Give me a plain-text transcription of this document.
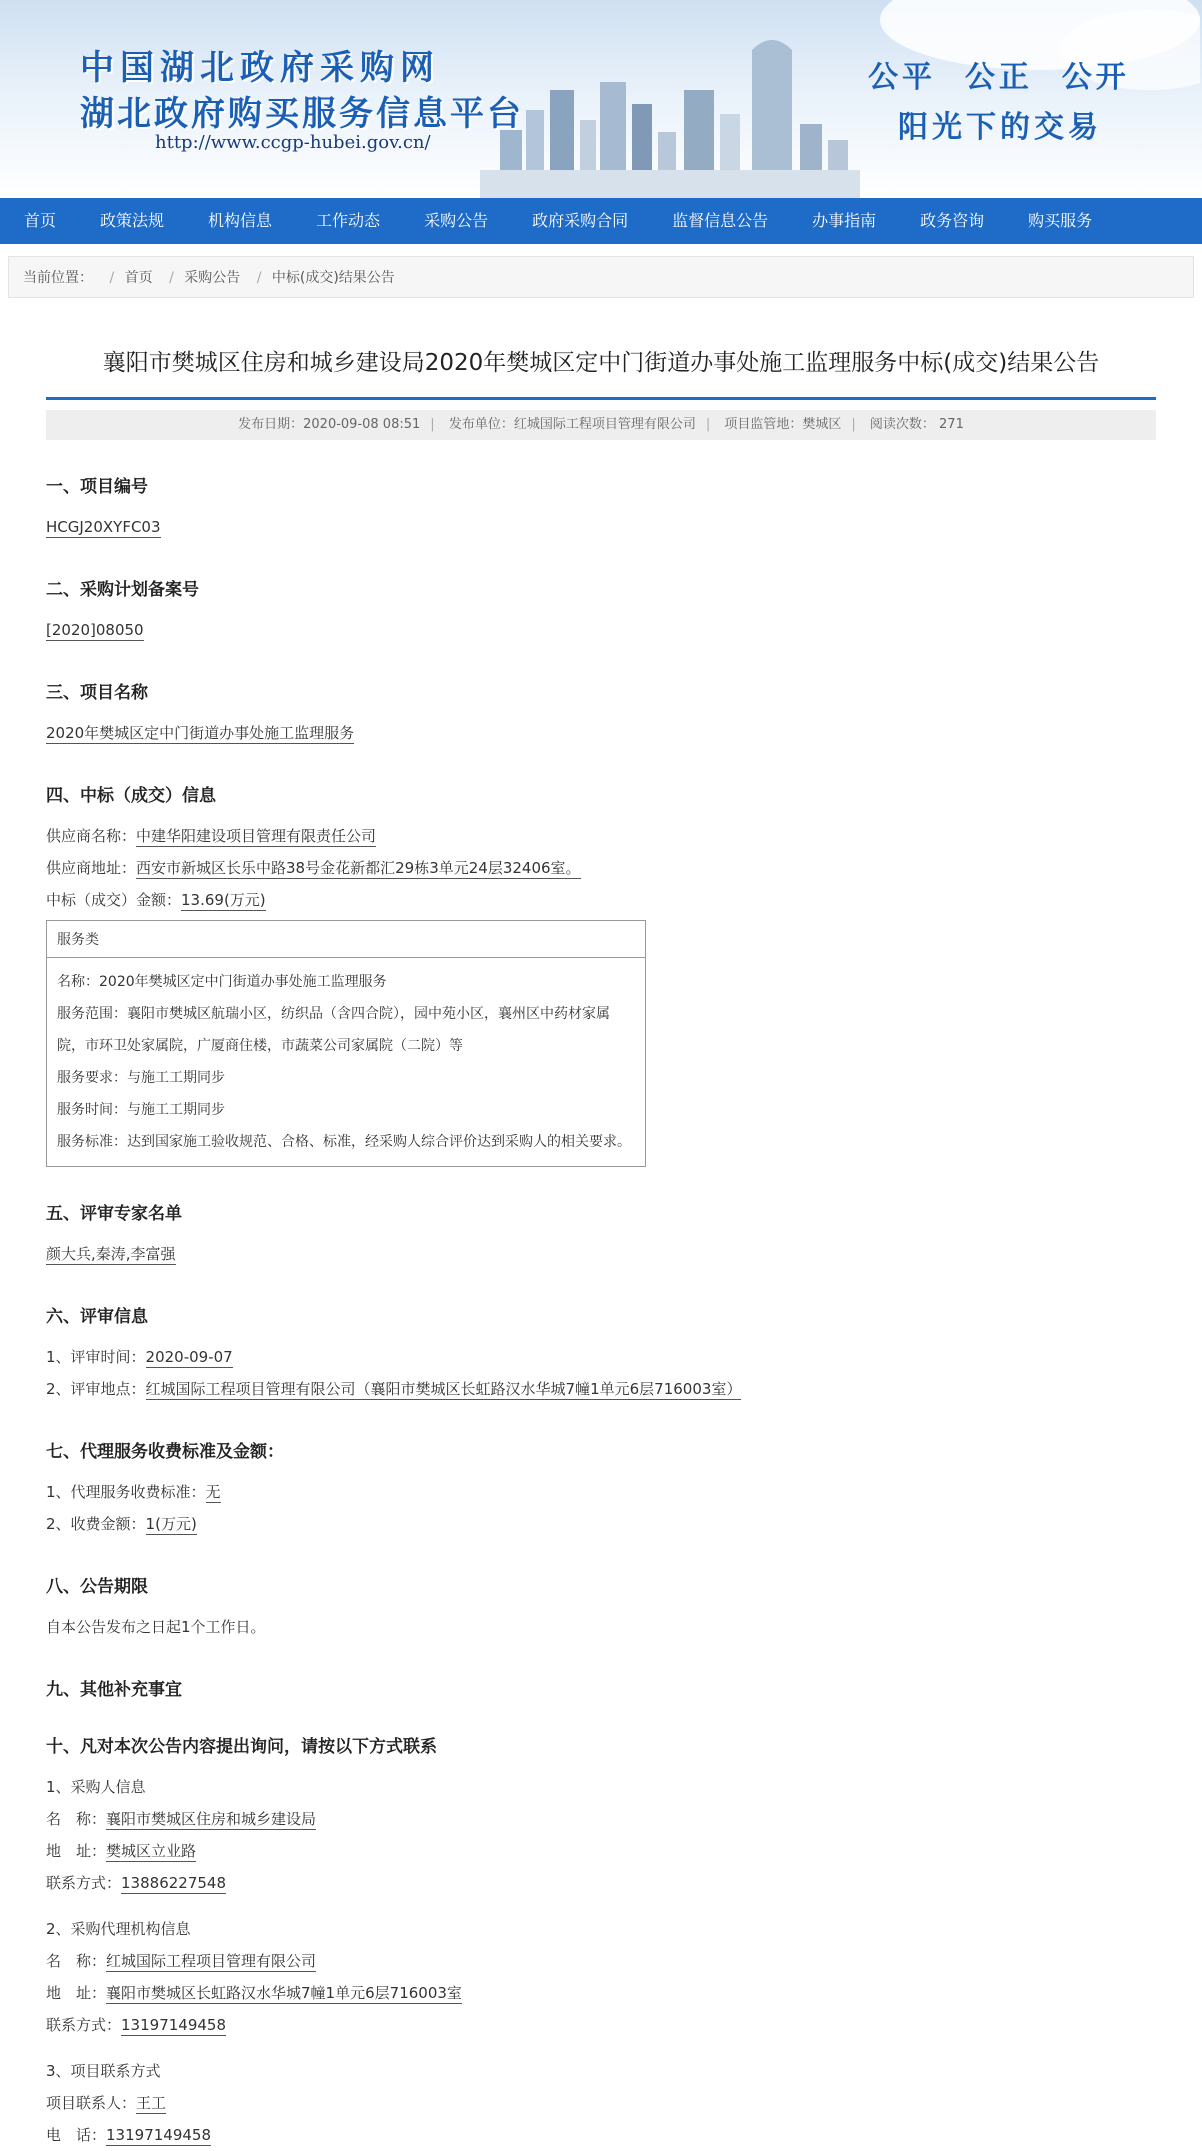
中国湖北政府采购网
湖北政府购买服务信息平台
http://www.ccgp-hubei.gov.cn/
公平  公正  公开
阳光下的交易
首页	政策法规	机构信息	工作动态	采购公告	政府采购合同	监督信息公告	办事指南	政务咨询	购买服务
当前位置： / 首页 / 采购公告 / 中标(成交)结果公告
襄阳市樊城区住房和城乡建设局2020年樊城区定中门街道办事处施工监理服务中标(成交)结果公告
发布日期：2020-09-08 08:51 | 发布单位：红城国际工程项目管理有限公司 | 项目监管地：樊城区 | 阅读次数： 271
一、项目编号
HCGJ20XYFC03
二、采购计划备案号
[2020]08050
三、项目名称
2020年樊城区定中门街道办事处施工监理服务
四、中标（成交）信息
供应商名称：中建华阳建设项目管理有限责任公司
供应商地址：西安市新城区长乐中路38号金花新都汇29栋3单元24层32406室。
中标（成交）金额：13.69(万元)
服务类
名称：2020年樊城区定中门街道办事处施工监理服务
服务范围：襄阳市樊城区航瑞小区，纺织品（含四合院），园中苑小区，襄州区中药材家属院，市环卫处家属院，广厦商住楼，市蔬菜公司家属院（二院）等
服务要求：与施工工期同步
服务时间：与施工工期同步
服务标准：达到国家施工验收规范、合格、标准，经采购人综合评价达到采购人的相关要求。
五、评审专家名单
颜大兵,秦涛,李富强
六、评审信息
1、评审时间：2020-09-07
2、评审地点：红城国际工程项目管理有限公司（襄阳市樊城区长虹路汉水华城7幢1单元6层716003室）
七、代理服务收费标准及金额：
1、代理服务收费标准：无
2、收费金额：1(万元)
八、公告期限
自本公告发布之日起1个工作日。
九、其他补充事宜
十、凡对本次公告内容提出询问，请按以下方式联系
1、采购人信息
名　称：襄阳市樊城区住房和城乡建设局
地　址：樊城区立业路
联系方式：13886227548
2、采购代理机构信息
名　称：红城国际工程项目管理有限公司
地　址：襄阳市樊城区长虹路汉水华城7幢1单元6层716003室
联系方式：13197149458
3、项目联系方式
项目联系人：王工
电　话：13197149458
